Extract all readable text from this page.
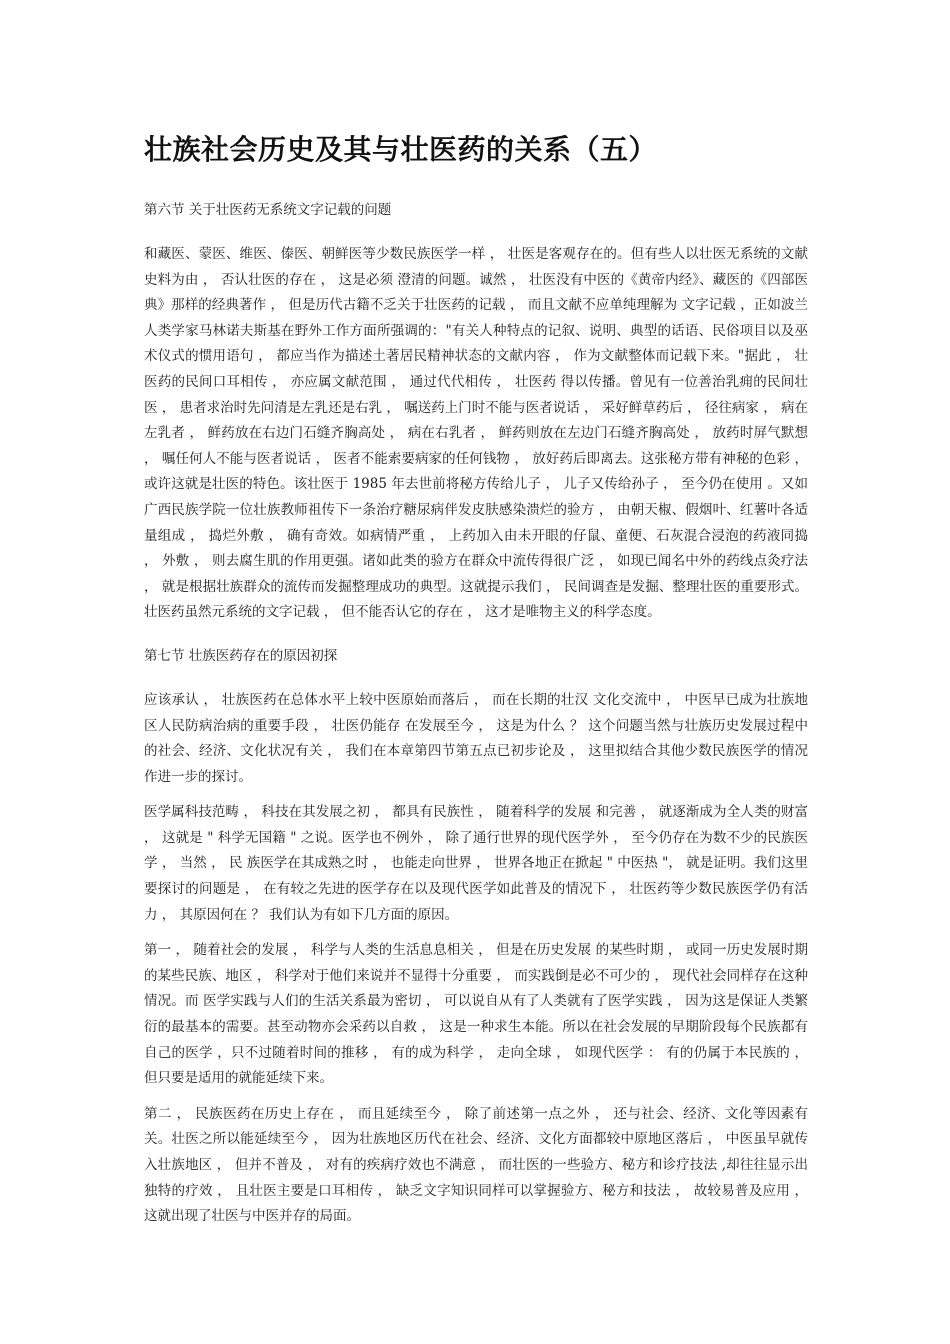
壮族社会历史及其与壮医药的关系（五）
第六节 关于壮医药无系统文字记载的问题

和藏医、蒙医、维医、傣医、朝鲜医等少数民族医学一样 ， 壮医是客观存在的。但有些人以壮医无系统的文献史料为由 ， 否认壮医的存在 ， 这是必须 澄清的问题。诚然 ， 壮医没有中医的《黄帝内经》、藏医的《四部医典》那样的经典著作 ， 但是历代古籍不乏关于壮医药的记载 ， 而且文献不应单纯理解为 文字记载 ，正如波兰人类学家马林诺夫斯基在野外工作方面所强调的："有关人种特点的记叙、说明、典型的话语、民俗项目以及巫术仪式的惯用语句 ， 都应当作为描述土著居民精神状态的文献内容 ， 作为文献整体而记载下来。"据此 ， 壮医药的民间口耳相传 ， 亦应属文献范围 ， 通过代代相传 ， 壮医药 得以传播。曾见有一位善治乳痈的民间壮医 ， 患者求治时先问清是左乳还是右乳 ， 嘱送药上门时不能与医者说话 ， 采好鲜草药后 ， 径往病家 ， 病在左乳者 ， 鲜药放在右边门石缝齐胸高处 ， 病在右乳者 ， 鲜药则放在左边门石缝齐胸高处 ， 放药时屏气默想 ， 嘱任何人不能与医者说话 ， 医者不能索要病家的任何钱物 ， 放好药后即离去。这张秘方带有神秘的色彩 ， 或许这就是壮医的特色。该壮医于 1985 年去世前将秘方传给儿子 ， 儿子又传给孙子 ， 至今仍在使用 。又如广西民族学院一位壮族教师祖传下一条治疗糖尿病伴发皮肤感染溃烂的验方 ， 由朝天椒、假烟叶、红薯叶各适量组成 ， 捣烂外敷 ， 确有奇效。如病情严重 ， 上药加入由未开眼的仔鼠、童便、石灰混合浸泡的药液同捣 ， 外敷 ， 则去腐生肌的作用更强。诸如此类的验方在群众中流传得很广泛 ， 如现已闻名中外的药线点灸疗法 ， 就是根据壮族群众的流传而发掘整理成功的典型。这就提示我们 ， 民间调查是发掘、整理壮医的重要形式。壮医药虽然元系统的文字记载 ， 但不能否认它的存在 ， 这才是唯物主义的科学态度。

第七节 壮族医药存在的原因初探

应该承认 ， 壮族医药在总体水平上较中医原始而落后 ， 而在长期的壮汉 文化交流中 ， 中医早已成为壮族地区人民防病治病的重要手段 ， 壮医仍能存 在发展至今 ， 这是为什么 ？ 这个问题当然与壮族历史发展过程中的社会、经济、文化状况有关 ， 我们在本章第四节第五点已初步论及 ， 这里拟结合其他少数民族医学的情况作进一步的探讨。

医学属科技范畴 ， 科技在其发展之初 ， 都具有民族性 ， 随着科学的发展 和完善 ， 就逐渐成为全人类的财富 ， 这就是 " 科学无国籍 " 之说。医学也不例外 ， 除了通行世界的现代医学外 ， 至今仍存在为数不少的民族医学 ， 当然 ， 民 族医学在其成熟之时 ， 也能走向世界 ， 世界各地正在掀起 " 中医热 "， 就是证明。我们这里要探讨的问题是 ， 在有较之先进的医学存在以及现代医学如此普及的情况下 ， 壮医药等少数民族医学仍有活力 ， 其原因何在 ？ 我们认为有如下几方面的原因。

第一 ， 随着社会的发展 ， 科学与人类的生活息息相关 ， 但是在历史发展 的某些时期 ， 或同一历史发展时期的某些民族、地区 ， 科学对于他们来说并不显得十分重要 ， 而实践倒是必不可少的 ， 现代社会同样存在这种情况。而 医学实践与人们的生活关系最为密切 ， 可以说自从有了人类就有了医学实践 ， 因为这是保证人类繁衍的最基本的需要。甚至动物亦会采药以自救 ， 这是一种求生本能。所以在社会发展的早期阶段每个民族都有自己的医学 ，只不过随着时间的推移 ， 有的成为科学 ， 走向全球 ， 如现代医学 ： 有的仍属于本民族的 ， 但只要是适用的就能延续下来。

第二 ， 民族医药在历史上存在 ， 而且延续至今 ， 除了前述第一点之外 ， 还与社会、经济、文化等因素有关。壮医之所以能延续至今 ， 因为壮族地区历代在社会、经济、文化方面都较中原地区落后 ， 中医虽早就传入壮族地区 ， 但并不普及 ， 对有的疾病疗效也不满意 ， 而壮医的一些验方、秘方和诊疗技法 ,却往往显示出独特的疗效 ， 且壮医主要是口耳相传 ， 缺乏文字知识同样可以掌握验方、秘方和技法 ， 故较易普及应用 ， 这就出现了壮医与中医并存的局面。
